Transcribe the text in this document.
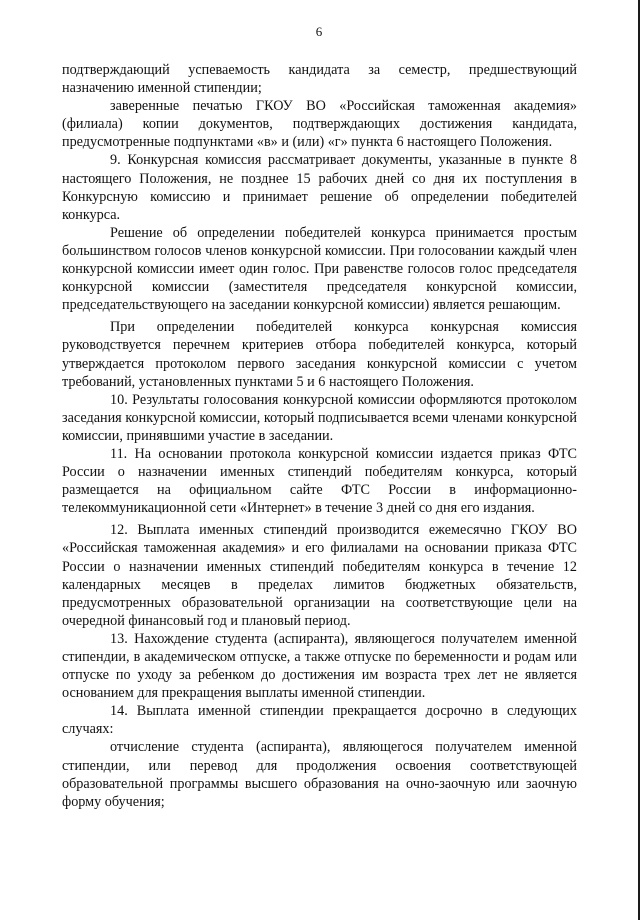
6

подтверждающий успеваемость кандидата за семестр, предшествующий назначению именной стипендии;

заверенные печатью ГКОУ ВО «Российская таможенная академия» (филиала) копии документов, подтверждающих достижения кандидата, предусмотренные подпунктами «в» и (или) «г» пункта 6 настоящего Положения.

9. Конкурсная комиссия рассматривает документы, указанные в пункте 8 настоящего Положения, не позднее 15 рабочих дней со дня их поступления в Конкурсную комиссию и принимает решение об определении победителей конкурса.

Решение об определении победителей конкурса принимается простым большинством голосов членов конкурсной комиссии. При голосовании каждый член конкурсной комиссии имеет один голос. При равенстве голосов голос председателя конкурсной комиссии (заместителя председателя конкурсной комиссии, председательствующего на заседании конкурсной комиссии) является решающим.

При определении победителей конкурса конкурсная комиссия руководствуется перечнем критериев отбора победителей конкурса, который утверждается протоколом первого заседания конкурсной комиссии с учетом требований, установленных пунктами 5 и 6 настоящего Положения.

10. Результаты голосования конкурсной комиссии оформляются протоколом заседания конкурсной комиссии, который подписывается всеми членами конкурсной комиссии, принявшими участие в заседании.

11. На основании протокола конкурсной комиссии издается приказ ФТС России о назначении именных стипендий победителям конкурса, который размещается на официальном сайте ФТС России в информационно-телекоммуникационной сети «Интернет» в течение 3 дней со дня его издания.

12. Выплата именных стипендий производится ежемесячно ГКОУ ВО «Российская таможенная академия» и его филиалами на основании приказа ФТС России о назначении именных стипендий победителям конкурса в течение 12 календарных месяцев в пределах лимитов бюджетных обязательств, предусмотренных образовательной организации на соответствующие цели на очередной финансовый год и плановый период.

13. Нахождение студента (аспиранта), являющегося получателем именной стипендии, в академическом отпуске, а также отпуске по беременности и родам или отпуске по уходу за ребенком до достижения им возраста трех лет не является основанием для прекращения выплаты именной стипендии.

14. Выплата именной стипендии прекращается досрочно в следующих случаях:

отчисление студента (аспиранта), являющегося получателем именной стипендии, или перевод для продолжения освоения соответствующей образовательной программы высшего образования на очно-заочную или заочную форму обучения;
